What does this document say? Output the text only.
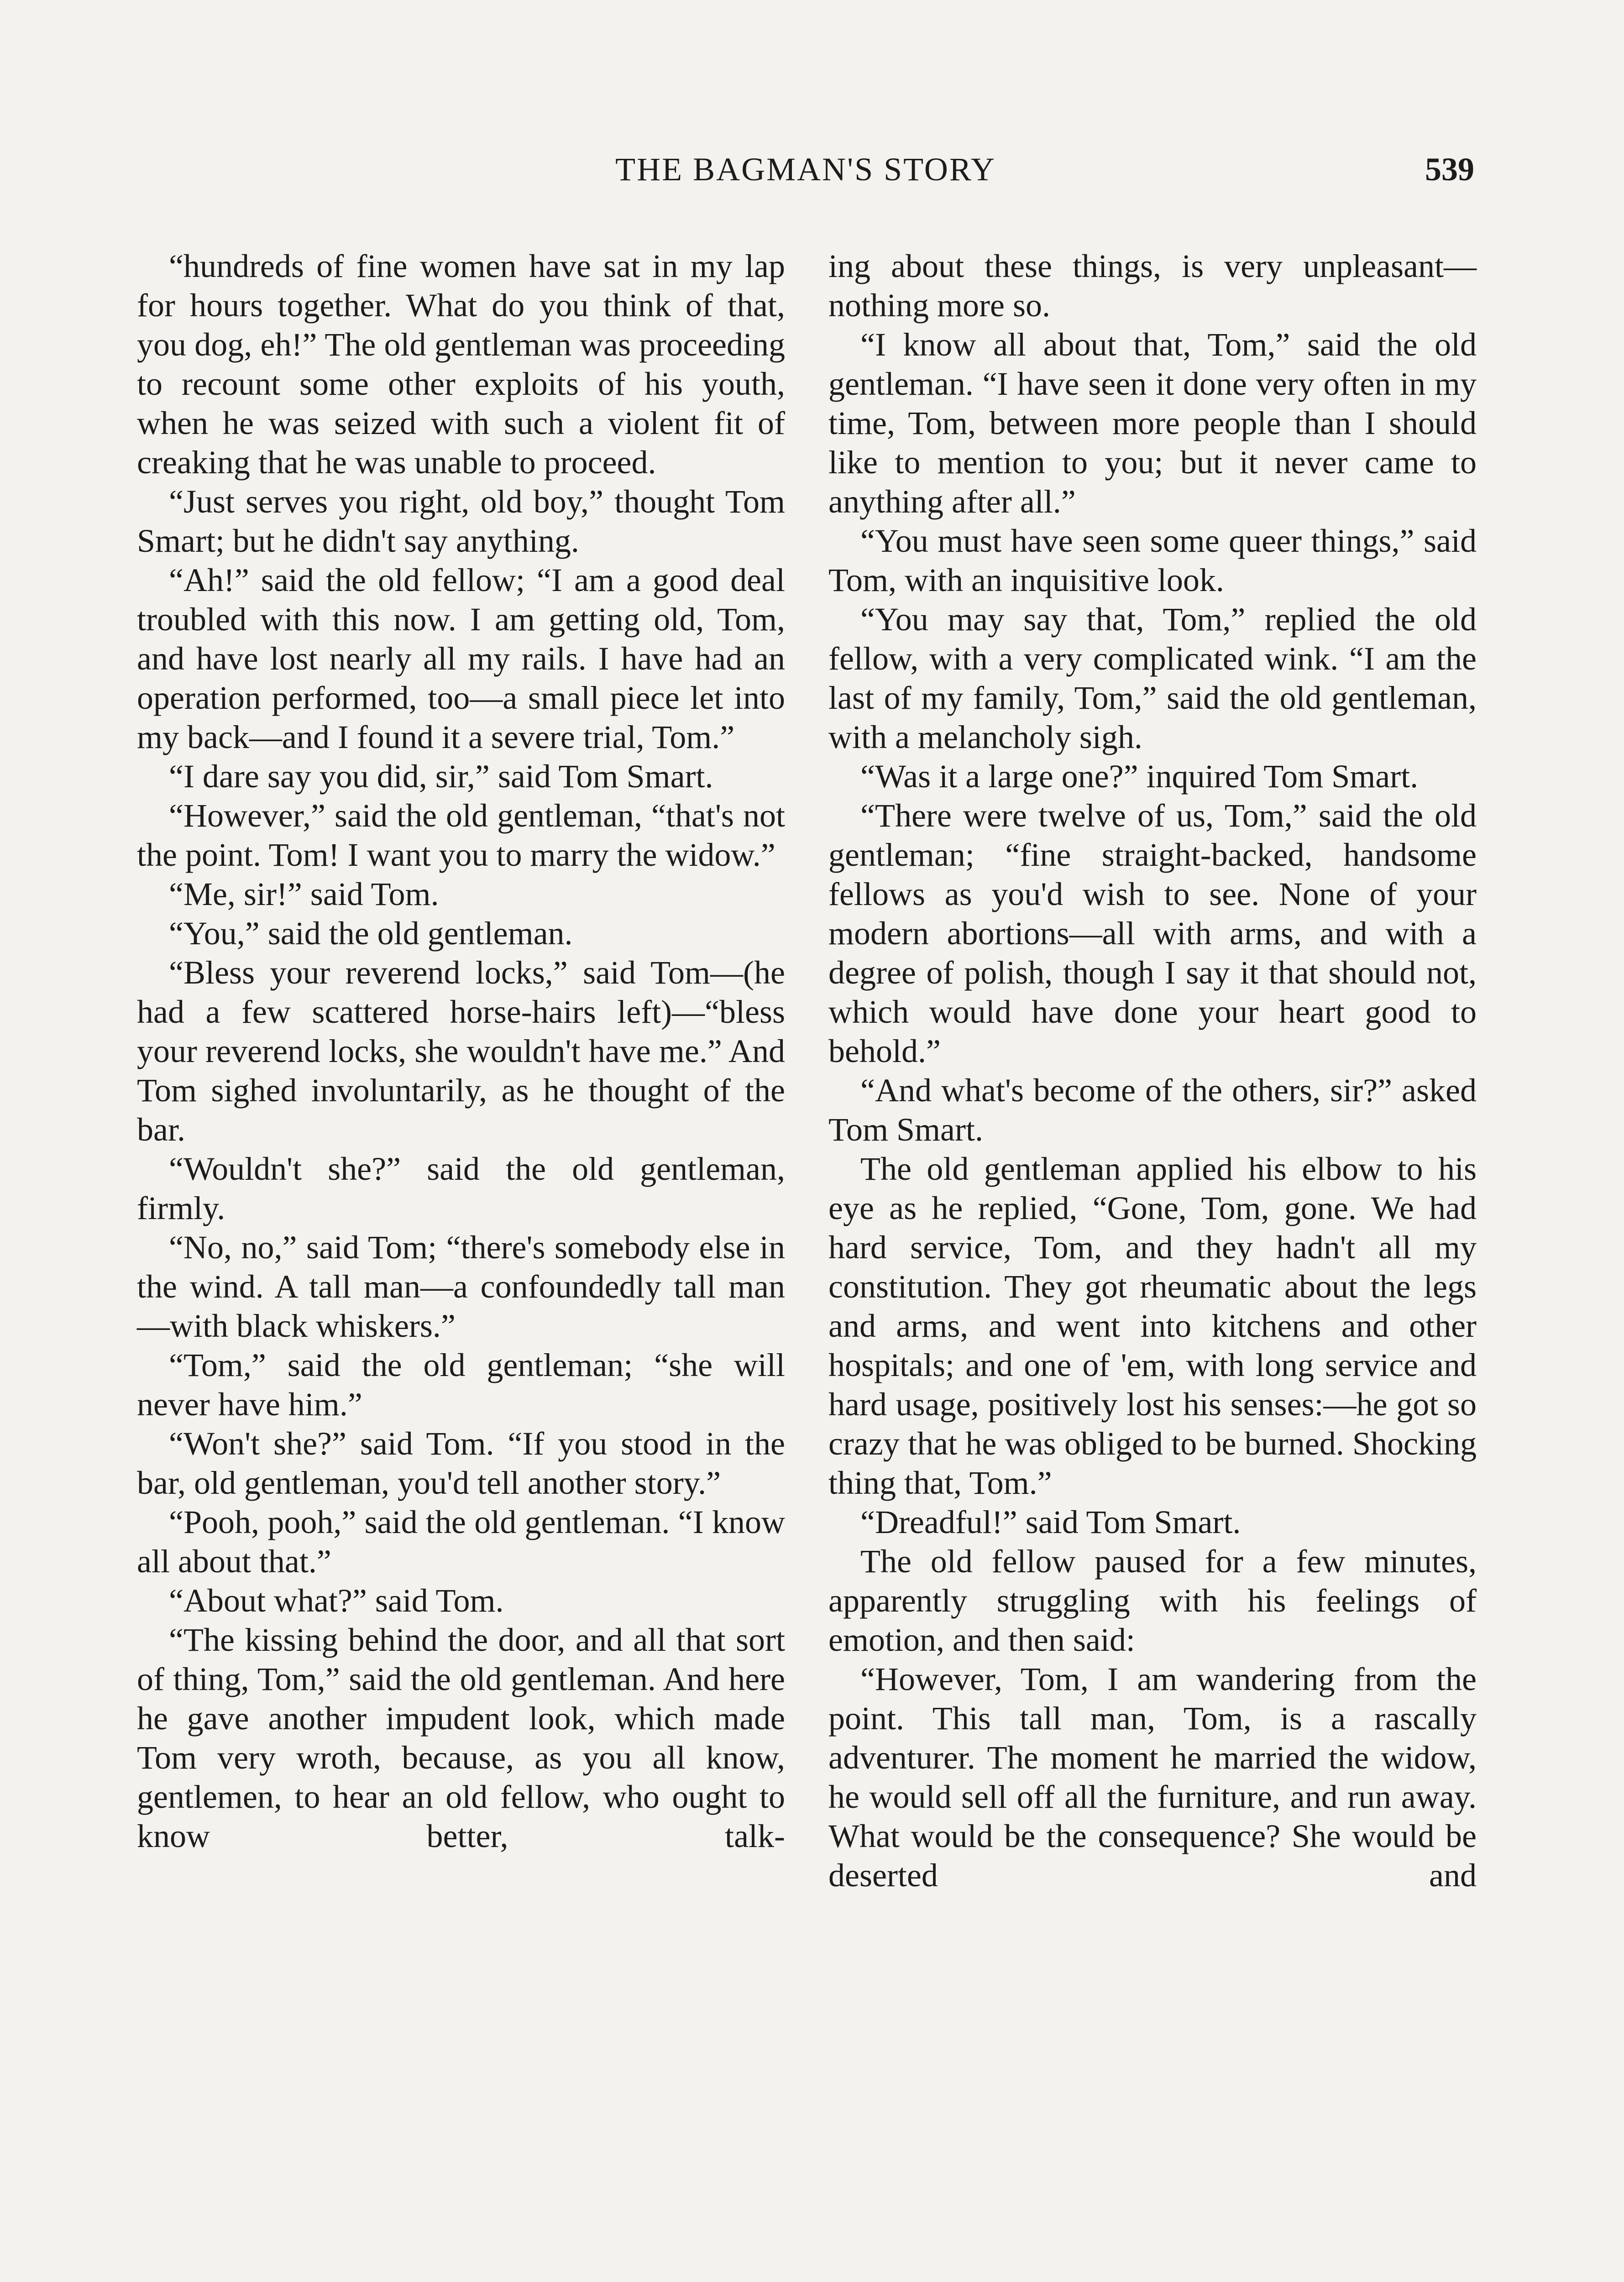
THE BAGMAN'S STORY	539

“hundreds of fine women have sat in my lap for hours together. What do you think of that, you dog, eh!” The old gentleman was proceeding to recount some other exploits of his youth, when he was seized with such a violent fit of creaking that he was unable to proceed.

“Just serves you right, old boy,” thought Tom Smart; but he didn't say anything.

“Ah!” said the old fellow; “I am a good deal troubled with this now. I am getting old, Tom, and have lost nearly all my rails. I have had an operation performed, too—a small piece let into my back—and I found it a severe trial, Tom.”

“I dare say you did, sir,” said Tom Smart.

“However,” said the old gentleman, “that's not the point. Tom! I want you to marry the widow.”

“Me, sir!” said Tom.

“You,” said the old gentleman.

“Bless your reverend locks,” said Tom—(he had a few scattered horse-hairs left)—“bless your reverend locks, she wouldn't have me.” And Tom sighed involuntarily, as he thought of the bar.

“Wouldn't she?” said the old gentleman, firmly.

“No, no,” said Tom; “there's somebody else in the wind. A tall man—a confoundedly tall man—with black whiskers.”

“Tom,” said the old gentleman; “she will never have him.”

“Won't she?” said Tom. “If you stood in the bar, old gentleman, you'd tell another story.”

“Pooh, pooh,” said the old gentleman. “I know all about that.”

“About what?” said Tom.

“The kissing behind the door, and all that sort of thing, Tom,” said the old gentleman. And here he gave another impudent look, which made Tom very wroth, because, as you all know, gentlemen, to hear an old fellow, who ought to know better, talk-

ing about these things, is very unpleasant—nothing more so.

“I know all about that, Tom,” said the old gentleman. “I have seen it done very often in my time, Tom, between more people than I should like to mention to you; but it never came to anything after all.”

“You must have seen some queer things,” said Tom, with an inquisitive look.

“You may say that, Tom,” replied the old fellow, with a very complicated wink. “I am the last of my family, Tom,” said the old gentleman, with a melancholy sigh.

“Was it a large one?” inquired Tom Smart.

“There were twelve of us, Tom,” said the old gentleman; “fine straight-backed, handsome fellows as you'd wish to see. None of your modern abortions—all with arms, and with a degree of polish, though I say it that should not, which would have done your heart good to behold.”

“And what's become of the others, sir?” asked Tom Smart.

The old gentleman applied his elbow to his eye as he replied, “Gone, Tom, gone. We had hard service, Tom, and they hadn't all my constitution. They got rheumatic about the legs and arms, and went into kitchens and other hospitals; and one of 'em, with long service and hard usage, positively lost his senses:—he got so crazy that he was obliged to be burned. Shocking thing that, Tom.”

“Dreadful!” said Tom Smart.

The old fellow paused for a few minutes, apparently struggling with his feelings of emotion, and then said:

“However, Tom, I am wandering from the point. This tall man, Tom, is a rascally adventurer. The moment he married the widow, he would sell off all the furniture, and run away. What would be the consequence? She would be deserted and
